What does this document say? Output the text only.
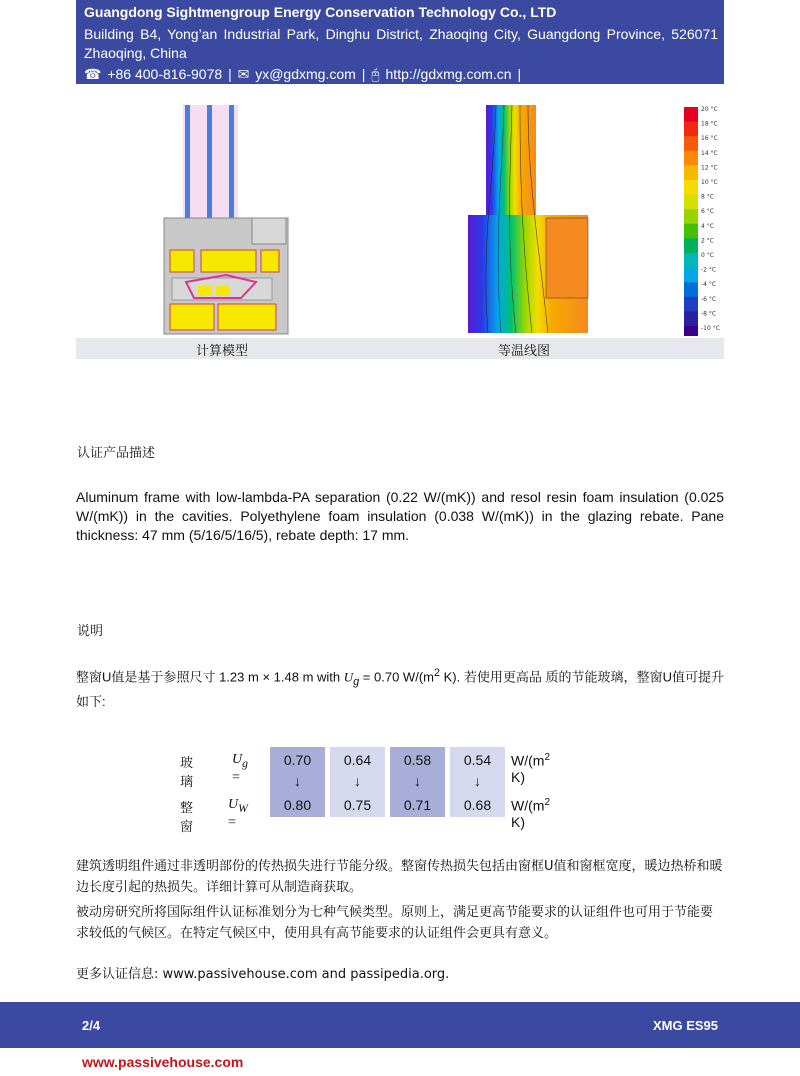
Guangdong Sightmengroup Energy Conservation Technology Co., LTD
Building B4, Yong’an Industrial Park, Dinghu District, Zhaoqing City, Guangdong Province, 526071 Zhaoqing, China
☎ +86 400-816-9078 | ✉ yx@gdxmg.com | 🖰 http://gdxmg.com.cn |
20 °C
18 °C
16 °C
14 °C
12 °C
10 °C
8 °C
6 °C
4 °C
2 °C
0 °C
-2 °C
-4 °C
-6 °C
-8 °C
-10 °C
计算模型	等温线图
认证产品描述
Aluminum frame with low-lambda-PA separation (0.22 W/(mK)) and resol resin foam insulation (0.025 W/(mK)) in the cavities. Polyethylene foam insulation (0.038 W/(mK)) in the glazing rebate. Pane thickness: 47 mm (5/16/5/16/5), rebate depth: 17 mm.
说明
整窗U值是基于参照尺寸 1.23 m × 1.48 m with $U_g = 0.70$ $W/(m^2$ K). 若使用更高品 质的节能玻璃，整窗U值可提升如下:
玻璃
整窗
$U_g$ =
$U_W$ =
0.70
↓
0.80
0.64
↓
0.75
0.58
↓
0.71
0.54
↓
0.68
$W/(m^2$ K)
$W/(m^2$ K)
建筑透明组件通过非透明部份的传热损失进行节能分级。整窗传热损失包括由窗框U值和窗框宽度，暖边热桥和暖边长度引起的热损失。详细计算可从制造商获取。
被动房研究所将国际组件认证标准划分为七种气候类型。原则上，满足更高节能要求的认证组件也可用于节能要求较低的气候区。在特定气候区中，使用具有高节能要求的认证组件会更具有意义。
更多认证信息: www.passivehouse.com and passipedia.org.
2/4	XMG ES95
www.passivehouse.com
